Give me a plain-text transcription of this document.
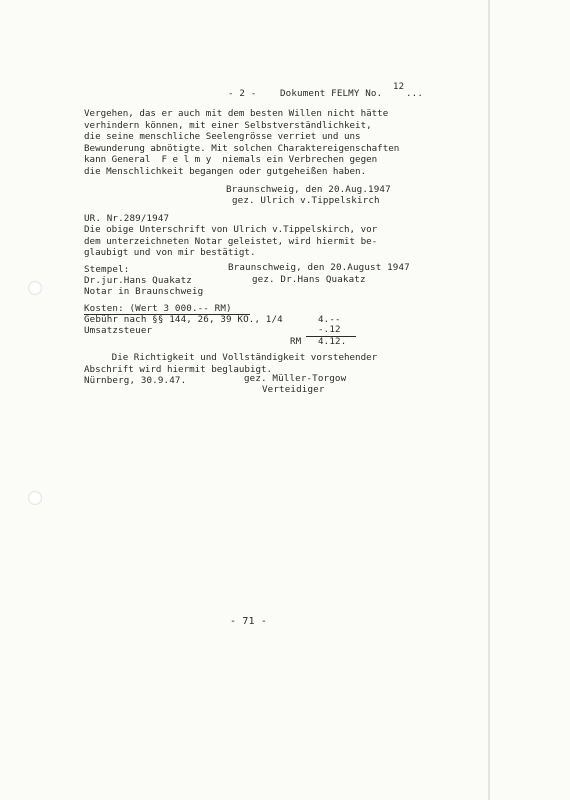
- 2 -	Dokument FELMY No.
12
...
Vergehen, das er auch mit dem besten Willen nicht hätte verhindern können, mit einer Selbstverständlichkeit,
die seine menschliche Seelengrösse verriet und uns Bewunderung abnötigte. Mit solchen Charaktereigenschaften
kann General  F e l m y  niemals ein Verbrechen gegen
die Menschlichkeit begangen oder gutgeheißen haben.
Braunschweig, den 20.Aug.1947
gez. Ulrich v.Tippelskirch
UR. Nr.289/1947
Die obige Unterschrift von Ulrich v.Tippelskirch, vor
dem unterzeichneten Notar geleistet, wird hiermit be-
glaubigt und von mir bestätigt.
Stempel:	Braunschweig, den 20.August 1947
Dr.jur.Hans Quakatz	gez. Dr.Hans Quakatz
Notar in Braunschweig
Kosten: (Wert 3 000.-- RM)
Gebühr nach §§ 144, 26, 39 KO., 1/4	4.--
Umsatzsteuer	-.12
RM 4.12.
Die Richtigkeit und Vollständigkeit vorstehender
Abschrift wird hiermit beglaubigt.
Nürnberg, 30.9.47.	gez. Müller-Torgow
Verteidiger
- 71 -
